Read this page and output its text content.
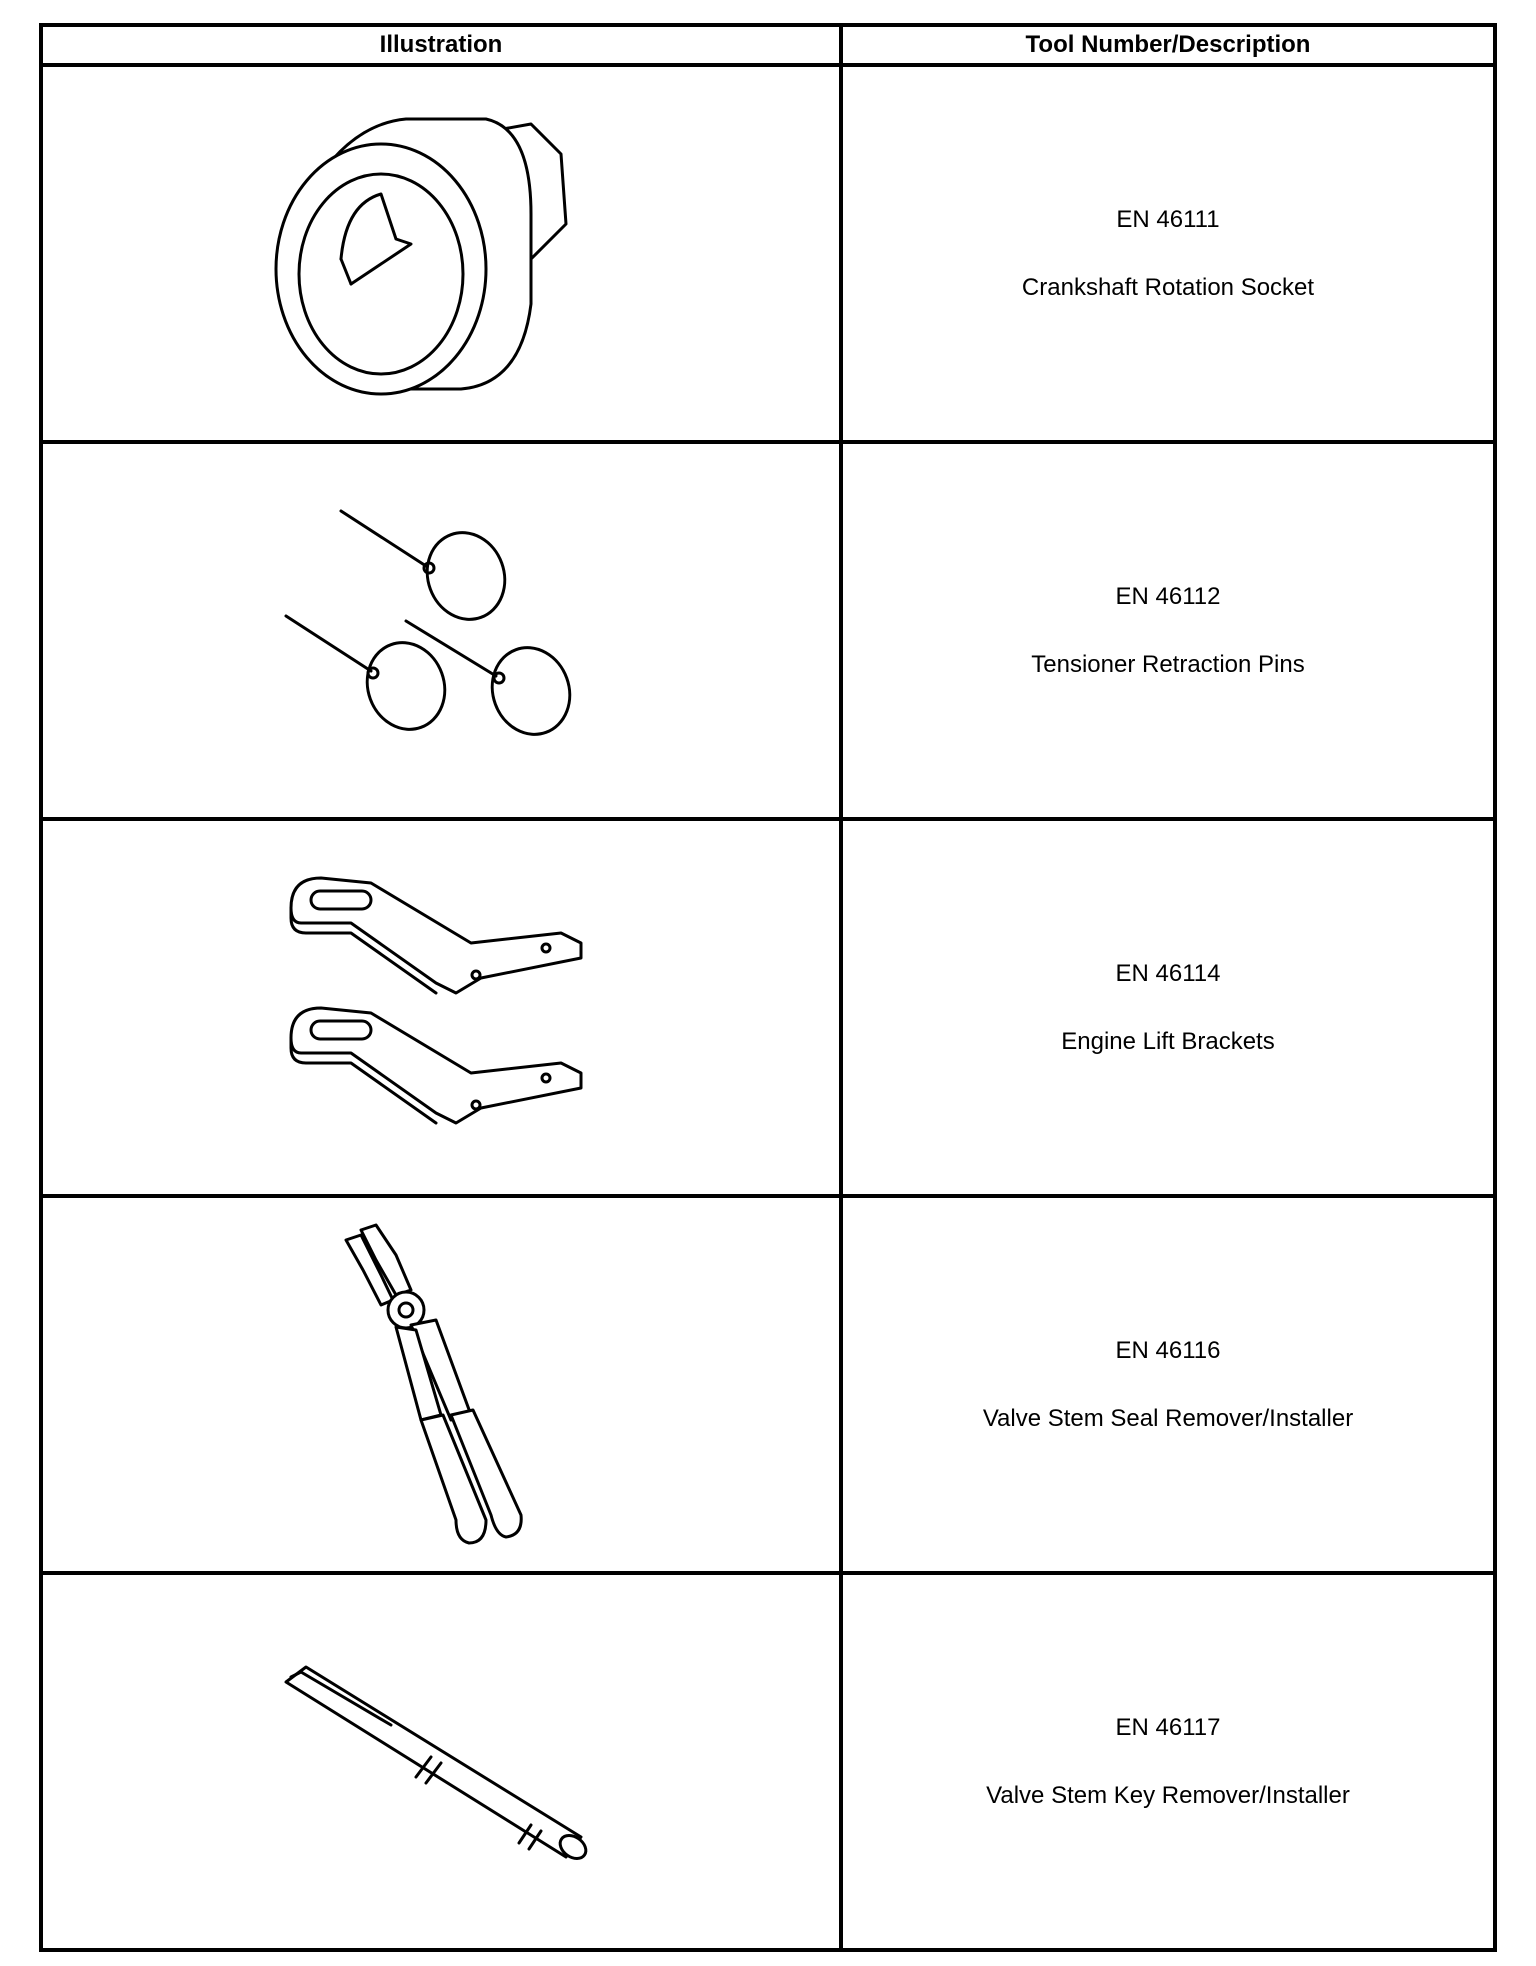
Illustration	Tool Number/Description

EN 46111
Crankshaft Rotation Socket

EN 46112
Tensioner Retraction Pins

EN 46114
Engine Lift Brackets

EN 46116
Valve Stem Seal Remover/Installer

EN 46117
Valve Stem Key Remover/Installer
